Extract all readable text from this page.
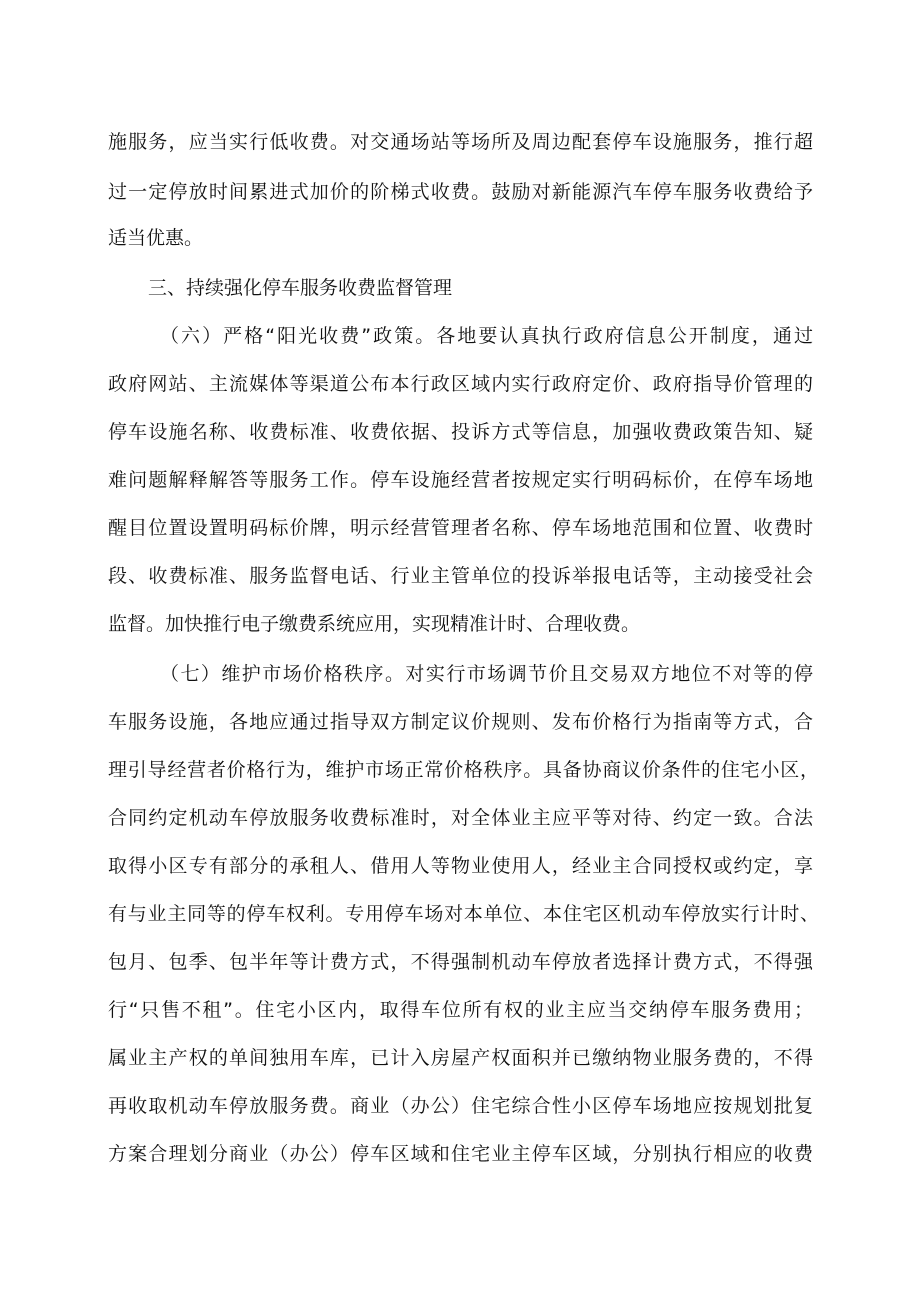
施服务，应当实行低收费。对交通场站等场所及周边配套停车设施服务，推行超
过一定停放时间累进式加价的阶梯式收费。鼓励对新能源汽车停车服务收费给予
适当优惠。
三、持续强化停车服务收费监督管理
（六）严格“阳光收费”政策。各地要认真执行政府信息公开制度，通过
政府网站、主流媒体等渠道公布本行政区域内实行政府定价、政府指导价管理的
停车设施名称、收费标准、收费依据、投诉方式等信息，加强收费政策告知、疑
难问题解释解答等服务工作。停车设施经营者按规定实行明码标价，在停车场地
醒目位置设置明码标价牌，明示经营管理者名称、停车场地范围和位置、收费时
段、收费标准、服务监督电话、行业主管单位的投诉举报电话等，主动接受社会
监督。加快推行电子缴费系统应用，实现精准计时、合理收费。
（七）维护市场价格秩序。对实行市场调节价且交易双方地位不对等的停
车服务设施，各地应通过指导双方制定议价规则、发布价格行为指南等方式，合
理引导经营者价格行为，维护市场正常价格秩序。具备协商议价条件的住宅小区，
合同约定机动车停放服务收费标准时，对全体业主应平等对待、约定一致。合法
取得小区专有部分的承租人、借用人等物业使用人，经业主合同授权或约定，享
有与业主同等的停车权利。专用停车场对本单位、本住宅区机动车停放实行计时、
包月、包季、包半年等计费方式，不得强制机动车停放者选择计费方式，不得强
行“只售不租”。住宅小区内，取得车位所有权的业主应当交纳停车服务费用；
属业主产权的单间独用车库，已计入房屋产权面积并已缴纳物业服务费的，不得
再收取机动车停放服务费。商业（办公）住宅综合性小区停车场地应按规划批复
方案合理划分商业（办公）停车区域和住宅业主停车区域，分别执行相应的收费
